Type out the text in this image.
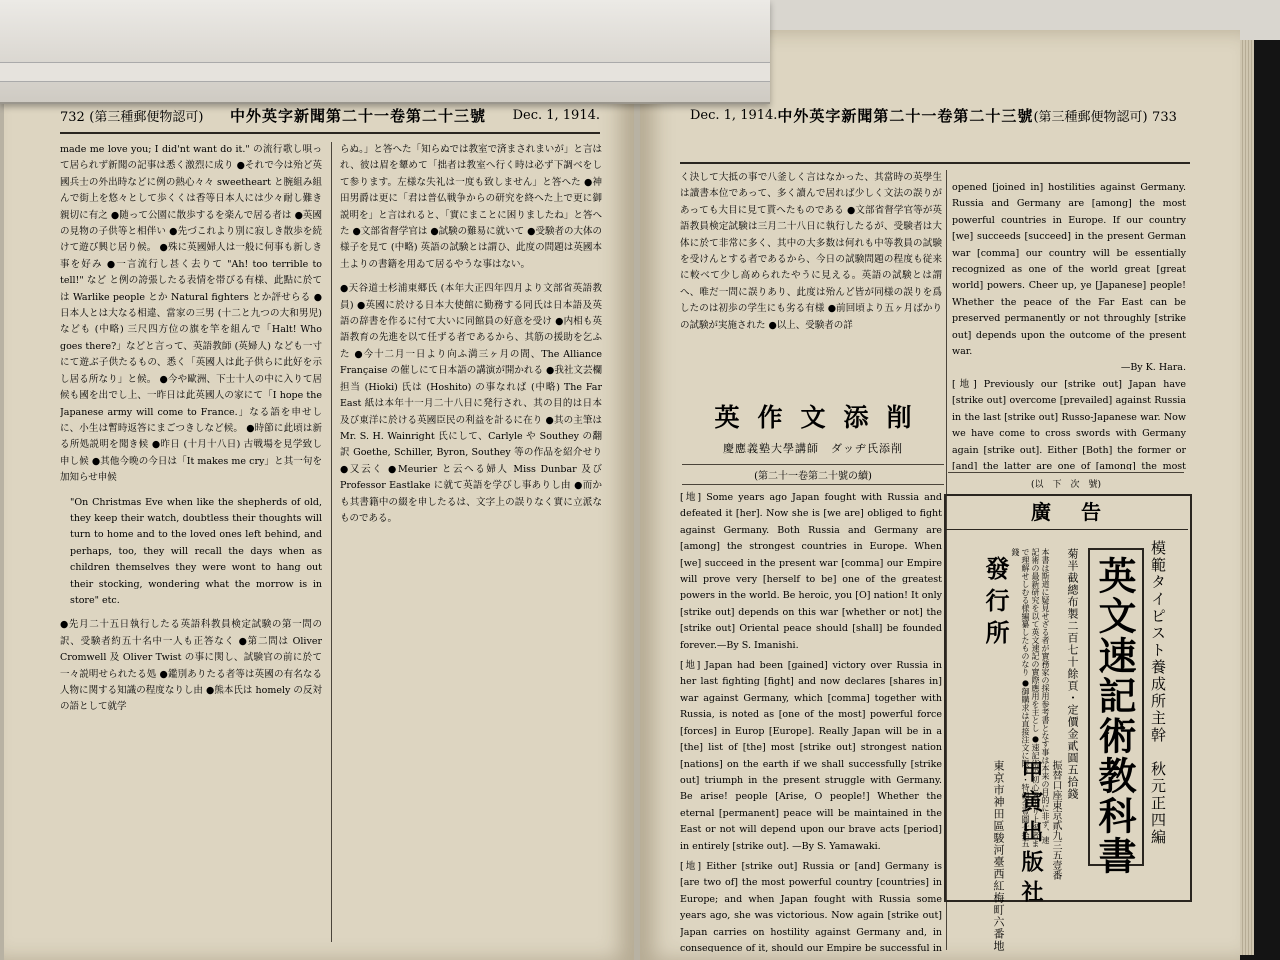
732 (第三種郵便物認可) 中外英字新聞第二十一卷第二十三號 Dec. 1, 1914.

made me love you; I did'nt want do it." の流行歌し唄って居られず新聞の記事は悉く激烈に成り ●それで今は殆ど英國兵士の外出時などに例の熱心々々 sweetheart と腕組み組んで街上を悠々として歩くくは香等日本人には少々耐し難き親切に有之 ●随って公園に散歩するを楽んで居る者は ●英國の見物の子供等と相伴い ●先づこれより別に寂しき散歩を続けて遊び興じ居り候。 ●殊に英國婦人は一般に何事も新しき事を好み ●一言流行し甚く去りて "Ah! too terrible to tell!" など と例の誇張したる表情を帯びる有様、此點に於ては Warlike people とか Natural fighters とか評せらる ●日本人とは大なる相違、當家の三男 (十二と九つの大和男児) なども (中略) 三尺四方位の旗を竿を組んで「Halt! Who goes there?」などと言って、英語教師 (英婦人) なども一寸にて遊ぶ子供たるもの、悉く「英國人は此子供らに此好を示し居る所なり」と候。 ●今や歐洲、下士十人の中に入りて居候も國を出でし上、一昨日は此英國人の家にて「I hope the Japanese army will come to France.」なる語を申せしに、小生は暫時返答にまごつきしなど候。 ●時節に此頃は新る所処説明を聞き候 ●昨日 (十月十八日) 古戦場を見学致し申し候 ●其他今晩の今日は「It makes me cry」と其一句を加知らせ申候

"On Christmas Eve when like the shepherds of old, they keep their watch, doubtless their thoughts will turn to home and to the loved ones left behind, and perhaps, too, they will recall the days when as children themselves they were wont to hang out their stocking, wondering what the morrow is in store" etc.

●先月二十五日執行したる英語科教員検定試験の第一問の訳、受験者約五十名中一人も正答なく ●第二問は Oliver Cromwell 及 Oliver Twist の事に関し、試験官の前に於て一々説明せられたる処 ●鑑別ありたる者等は英國の有名なる人物に関する知識の程度なりし由 ●熊本氏は homely の反対の語として就学

らぬ。」と答へた「知らぬでは教室で済まされまいが」と言はれ、彼は眉を顰めて「拙者は教室へ行く時は必ず下調べをして参ります。左様な失礼は一度も致しません」と答へた ●神田男爵は更に「君は普仏戦争からの研究を終へた上で更に御説明を」と言はれると、「實にまことに困りましたね」と答へた ●文部省督学官は ●試験の難易に就いて ●受験者の大体の様子を見て (中略) 英語の試験とは謂ひ、此度の問題は英國本土よりの書籍を用ゐて居るやうな事はない。

●天谷道士杉浦東郷氏 (本年大正四年四月より文部省英語教員) ●英國に於ける日本大使館に勤務する同氏は日本語及英語の辞書を作るに付て大いに同館員の好意を受け ●内相も英語教育の先進を以て任ずる者であるから、其筋の援助を乞ふた ●今十二月一日より向ふ満三ヶ月の間、The Alliance Française の催しにて日本語の講演が開かれる ●我社文芸欄担当 (Hioki) 氏は (Hoshito) の事なれば (中略) The Far East 紙は本年十一月二十八日に発行され、其の目的は日本及び東洋に於ける英國臣民の利益を計るに在り ●其の主筆は Mr. S. H. Wainright 氏にして、Carlyle や Southey の翻訳 Goethe, Schiller, Byron, Southey 等の作品を紹介せり ●又云く ●Meurier と云へる婦人 Miss Dunbar 及び Professor Eastlake に就て英語を学びし事ありし由 ●而かも其書籍中の綴を申したるは、文字上の誤りなく實に立派なものである。

Dec. 1, 1914. 中外英字新聞第二十一卷第二十三號 (第三種郵便物認可) 733

く決して大抵の事で八釜しく言はなかった、其當時の英學生は讀書本位であって、多く讀んで居れば少しく文法の誤りがあっても大目に見て貰へたものである ●文部省督学官等が英語教員検定試験は三月二十八日に執行したるが、受験者は大体に於て非常に多く、其中の大多数は何れも中等教員の試験を受けんとする者であるから、今日の試験問題の程度も従来に較べて少し高められたやうに見える。英語の試験とは謂へ、唯だ一問に誤りあり、此度は殆んど皆が同様の誤りを爲したのは初歩の学生にも劣る有様 ●前回頃より五ヶ月ばかりの試験が実施された ●以上、受験者の詳

英作文添削
慶應義塾大學講師　ダッヂ氏添削
(第二十一卷第二十號の續)

[地] Some years ago Japan fought with Russia and defeated it [her]. Now she is [we are] obliged to fight against Germany. Both Russia and Germany are [among] the strongest countries in Europe. When [we] succeed in the present war [comma] our Empire will prove very [herself to be] one of the greatest powers in the world. Be heroic, you [O] nation! It only [strike out] depends on this war [whether or not] the [strike out] Oriental peace should [shall] be founded forever.—By S. Imanishi.

[地] Japan had been [gained] victory over Russia in her last fighting [fight] and now declares [shares in] war against Germany, which [comma] together with Russia, is noted as [one of the most] powerful force [forces] in Europ [Europe]. Really Japan will be in a [the] list of [the] most [strike out] strongest nation [nations] on the earth if we shall successfully [strike out] triumph in the present struggle with Germany. Be arise! people [Arise, O people!] Whether the eternal [permanent] peace will be maintained in the East or not will depend upon our brave acts [period] in entirely [strike out]. —By S. Yamawaki.

[地] Either [strike out] Russia or [and] Germany is [are two of] the most powerful country [countries] in Europe; and when Japan fought with Russia some years ago, she was victorious. Now again [strike out] Japan carries on hostility against Germany and, in consequence of it, should our Empire be successful in

opened [joined in] hostilities against Germany. Russia and Germany are [among] the most powerful countries in Europe. If our country [we] succeeds [succeed] in the present German war [comma] our country will be essentially recognized as one of the world great [great world] powers. Cheer up, ye [Japanese] people! Whether the peace of the Far East can be preserved permanently or not throughly [strike out] depends upon the outcome of the present war.

—By K. Hara.

[地] Previously our [strike out] Japan have [strike out] overcome [prevailed] against Russia in the last [strike out] Russo-Japanese war. Now we have come to cross swords with Germany again [strike out]. Either [Both] the former or [and] the latter are one of [among] the most

(以　下　次　號)
廣告
模範タイピスト養成所主幹　秋元正四編
英文速記術教科書
菊半截總布製二百七十餘頁・定價金貳圓五拾錢
本書は斯道に疑見せざる者が實務家の採用参考書となす事は本来の目的に非ず、速記術の最新研究を以て英文速記の實際應用を主とし ●速記術の初心者より上級者まで理解せしむる様編纂したものなり ●御購求は直接注文に限り・特價金壹圓七拾五錢
發行所
東京市神田區駿河臺西紅梅町六番地	振替口座東京貳九三五壹番
甲寅出版社
